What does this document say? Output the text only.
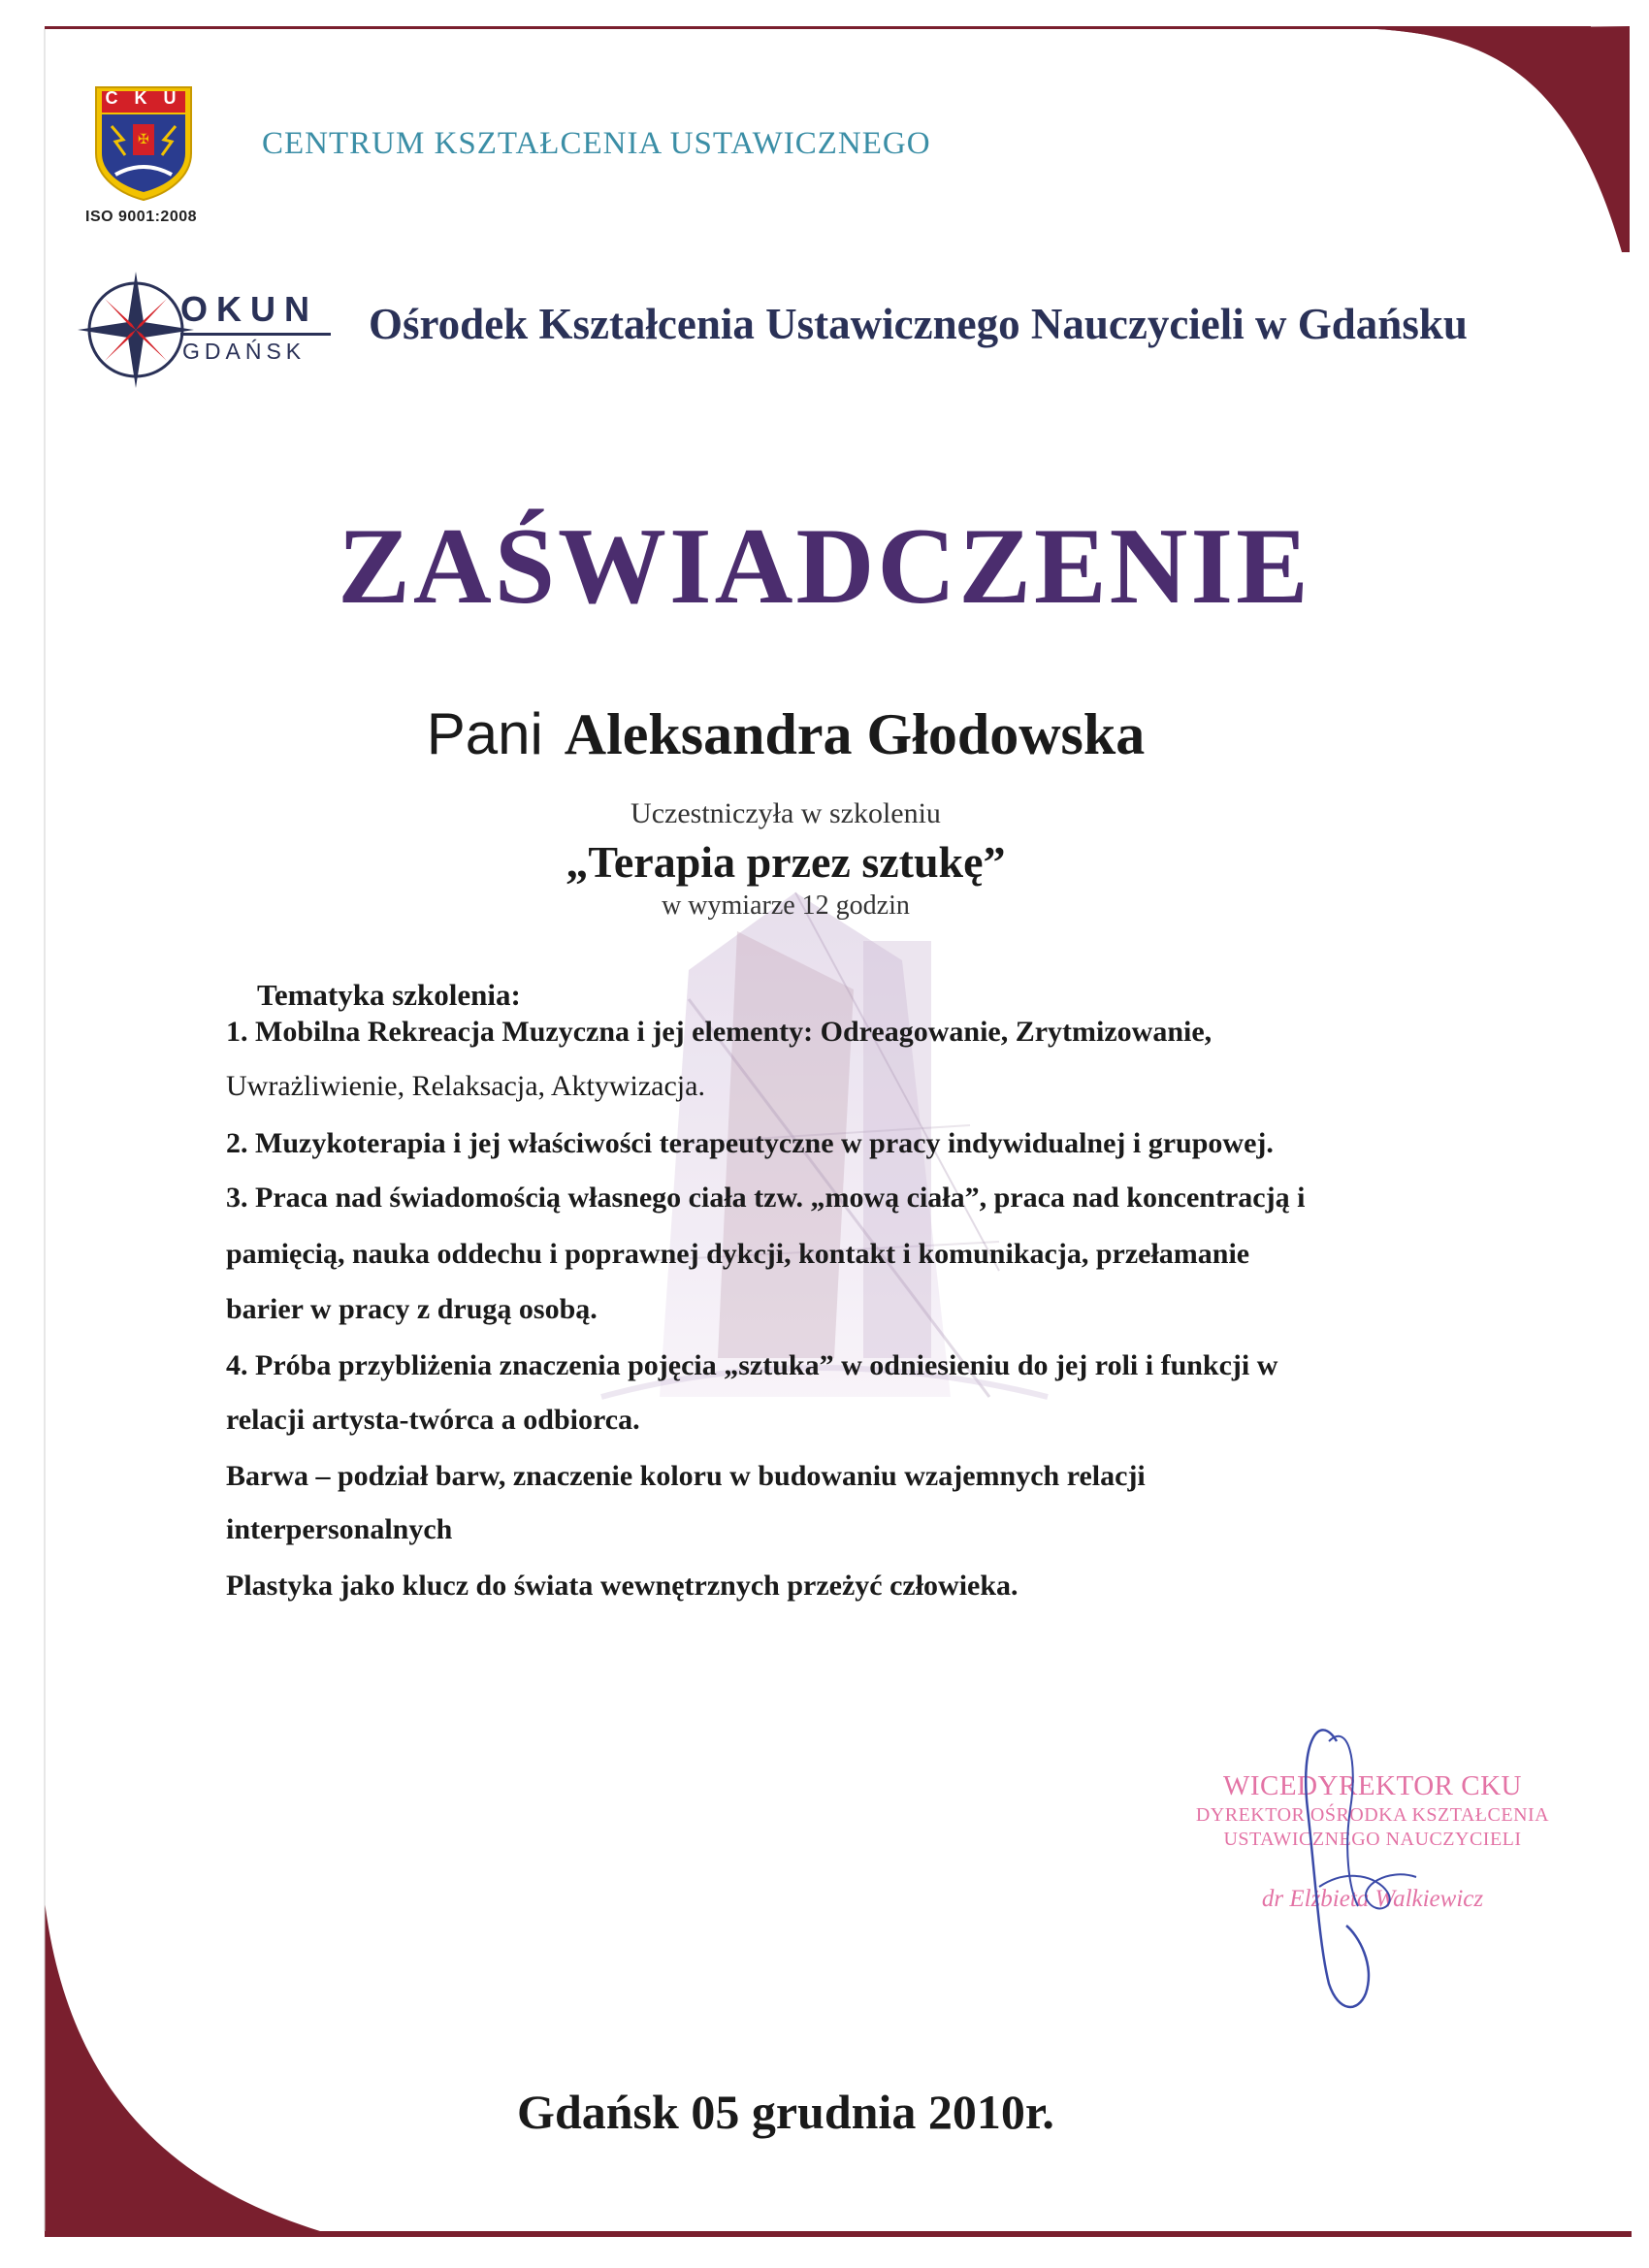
✠
C K U
ISO 9001:2008
CENTRUM KSZTAŁCENIA USTAWICZNEGO
OKUN
GDAŃSK
Ośrodek Kształcenia Ustawicznego Nauczycieli w Gdańsku
ZAŚWIADCZENIE
Pani Aleksandra Głodowska
Uczestniczyła w szkoleniu
„Terapia przez sztukę”
w wymiarze 12 godzin
Tematyka szkolenia:
1. Mobilna Rekreacja Muzyczna i jej elementy: Odreagowanie, Zrytmizowanie,
Uwrażliwienie, Relaksacja, Aktywizacja.
2. Muzykoterapia i jej właściwości terapeutyczne w pracy indywidualnej i grupowej.
3. Praca nad świadomością własnego ciała tzw. „mową ciała”, praca nad koncentracją i
pamięcią, nauka oddechu i poprawnej dykcji, kontakt i komunikacja, przełamanie
barier w pracy z drugą osobą.
4. Próba przybliżenia znaczenia pojęcia „sztuka” w odniesieniu do jej roli i funkcji w
relacji artysta-twórca a odbiorca.
Barwa – podział barw, znaczenie koloru w budowaniu wzajemnych relacji
interpersonalnych
Plastyka jako klucz do świata wewnętrznych przeżyć człowieka.
WICEDYREKTOR CKU
DYREKTOR OŚRODKA KSZTAŁCENIA
USTAWICZNEGO NAUCZYCIELI
dr Elżbieta Walkiewicz
Gdańsk 05 grudnia 2010r.
